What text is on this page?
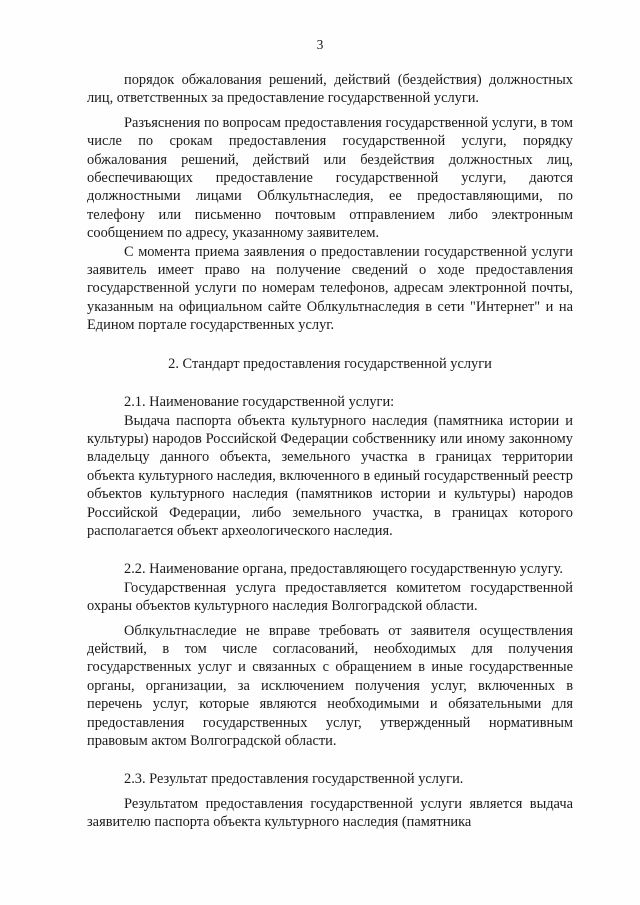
3

порядок обжалования решений, действий (бездействия) должностных лиц, ответственных за предоставление государственной услуги.

Разъяснения по вопросам предоставления государственной услуги, в том числе по срокам предоставления государственной услуги, порядку обжалования решений, действий или бездействия должностных лиц, обеспечивающих предоставление государственной услуги, даются должностными лицами Облкультнаследия, ее предоставляющими, по телефону или письменно почтовым отправлением либо электронным сообщением по адресу, указанному заявителем.

С момента приема заявления о предоставлении государственной услуги заявитель имеет право на получение сведений о ходе предоставления государственной услуги по номерам телефонов, адресам электронной почты, указанным на официальном сайте Облкультнаследия в сети "Интернет" и на Едином портале государственных услуг.

2. Стандарт предоставления государственной услуги

2.1. Наименование государственной услуги:

Выдача паспорта объекта культурного наследия (памятника истории и культуры) народов Российской Федерации собственнику или иному законному владельцу данного объекта, земельного участка в границах территории объекта культурного наследия, включенного в единый государственный реестр объектов культурного наследия (памятников истории и культуры) народов Российской Федерации, либо земельного участка, в границах которого располагается объект археологического наследия.

2.2. Наименование органа, предоставляющего государственную услугу.

Государственная услуга предоставляется комитетом государственной охраны объектов культурного наследия Волгоградской области.

Облкультнаследие не вправе требовать от заявителя осуществления действий, в том числе согласований, необходимых для получения государственных услуг и связанных с обращением в иные государственные органы, организации, за исключением получения услуг, включенных в перечень услуг, которые являются необходимыми и обязательными для предоставления государственных услуг, утвержденный нормативным правовым актом Волгоградской области.

2.3. Результат предоставления государственной услуги.

Результатом предоставления государственной услуги является выдача заявителю паспорта объекта культурного наследия (памятника
